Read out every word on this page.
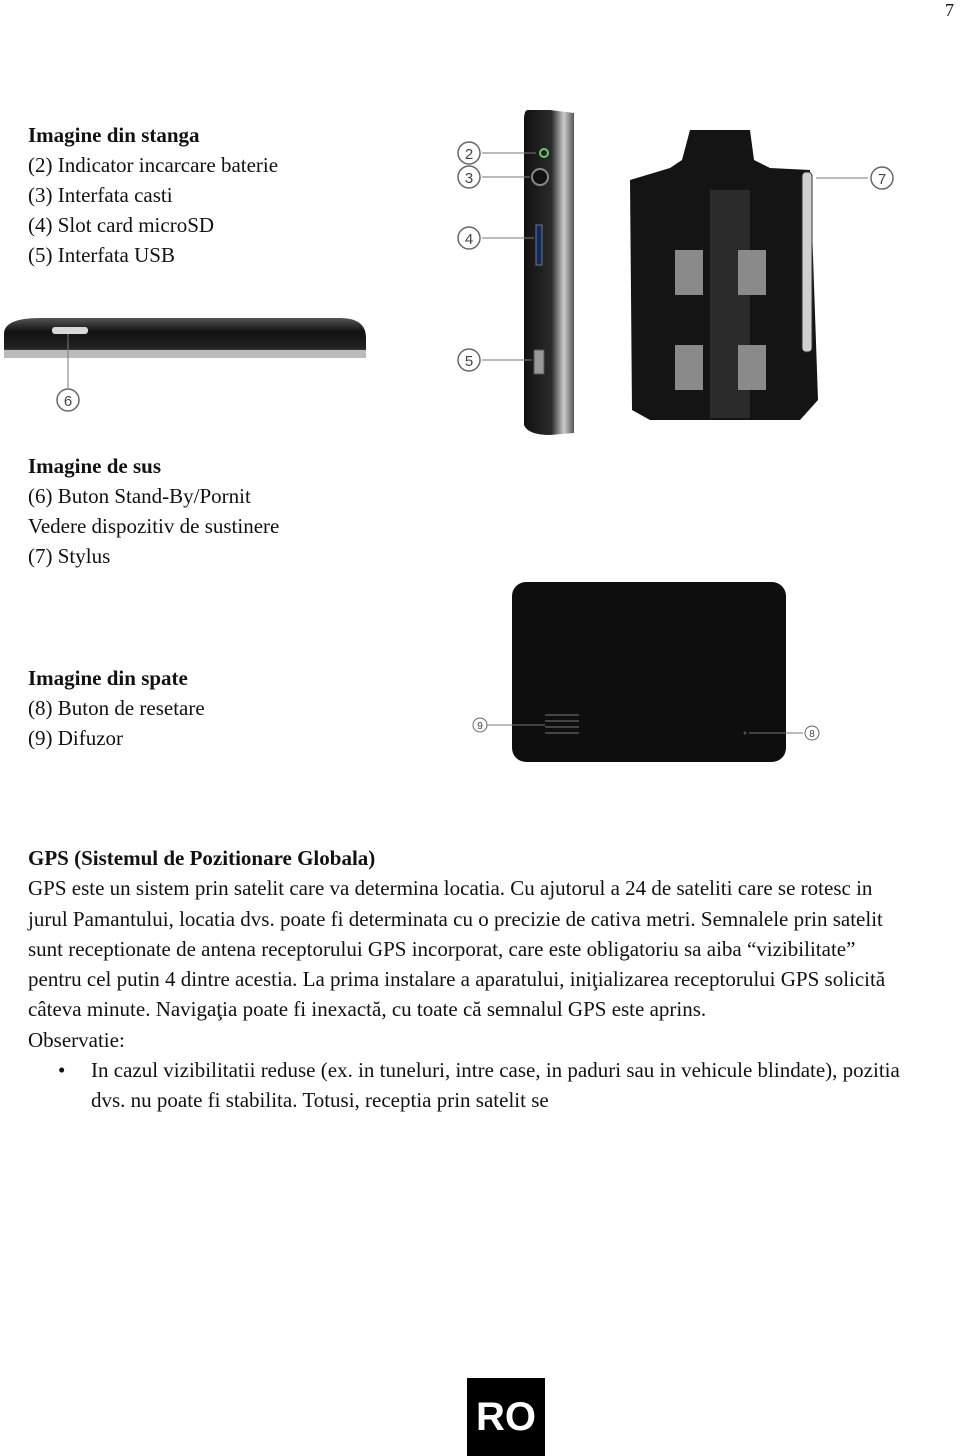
7
Imagine din stanga
(2) Indicator incarcare baterie
(3) Interfata casti
(4) Slot card microSD
(5) Interfata USB
Imagine de sus
(6) Buton Stand-By/Pornit
Vedere dispozitiv de sustinere
(7) Stylus
Imagine din spate
(8) Buton de resetare
(9) Difuzor
6
2
3
4
5
7
9
8

GPS (Sistemul de Pozitionare Globala)

GPS este un sistem prin satelit care va determina locatia. Cu ajutorul a 24 de sateliti care se rotesc in jurul Pamantului, locatia dvs. poate fi determinata cu o precizie de cativa metri. Semnalele prin satelit sunt receptionate de antena receptorului GPS incorporat, care este obligatoriu sa aiba “vizibilitate” pentru cel putin 4 dintre acestia. La prima instalare a aparatului, iniţializarea receptorului GPS solicită câteva minute. Navigaţia poate fi inexactă, cu toate că semnalul GPS este aprins.

Observatie:

• In cazul vizibilitatii reduse (ex. in tuneluri, intre case, in paduri sau in vehicule blindate), pozitia dvs. nu poate fi stabilita. Totusi, receptia prin satelit se
RO
